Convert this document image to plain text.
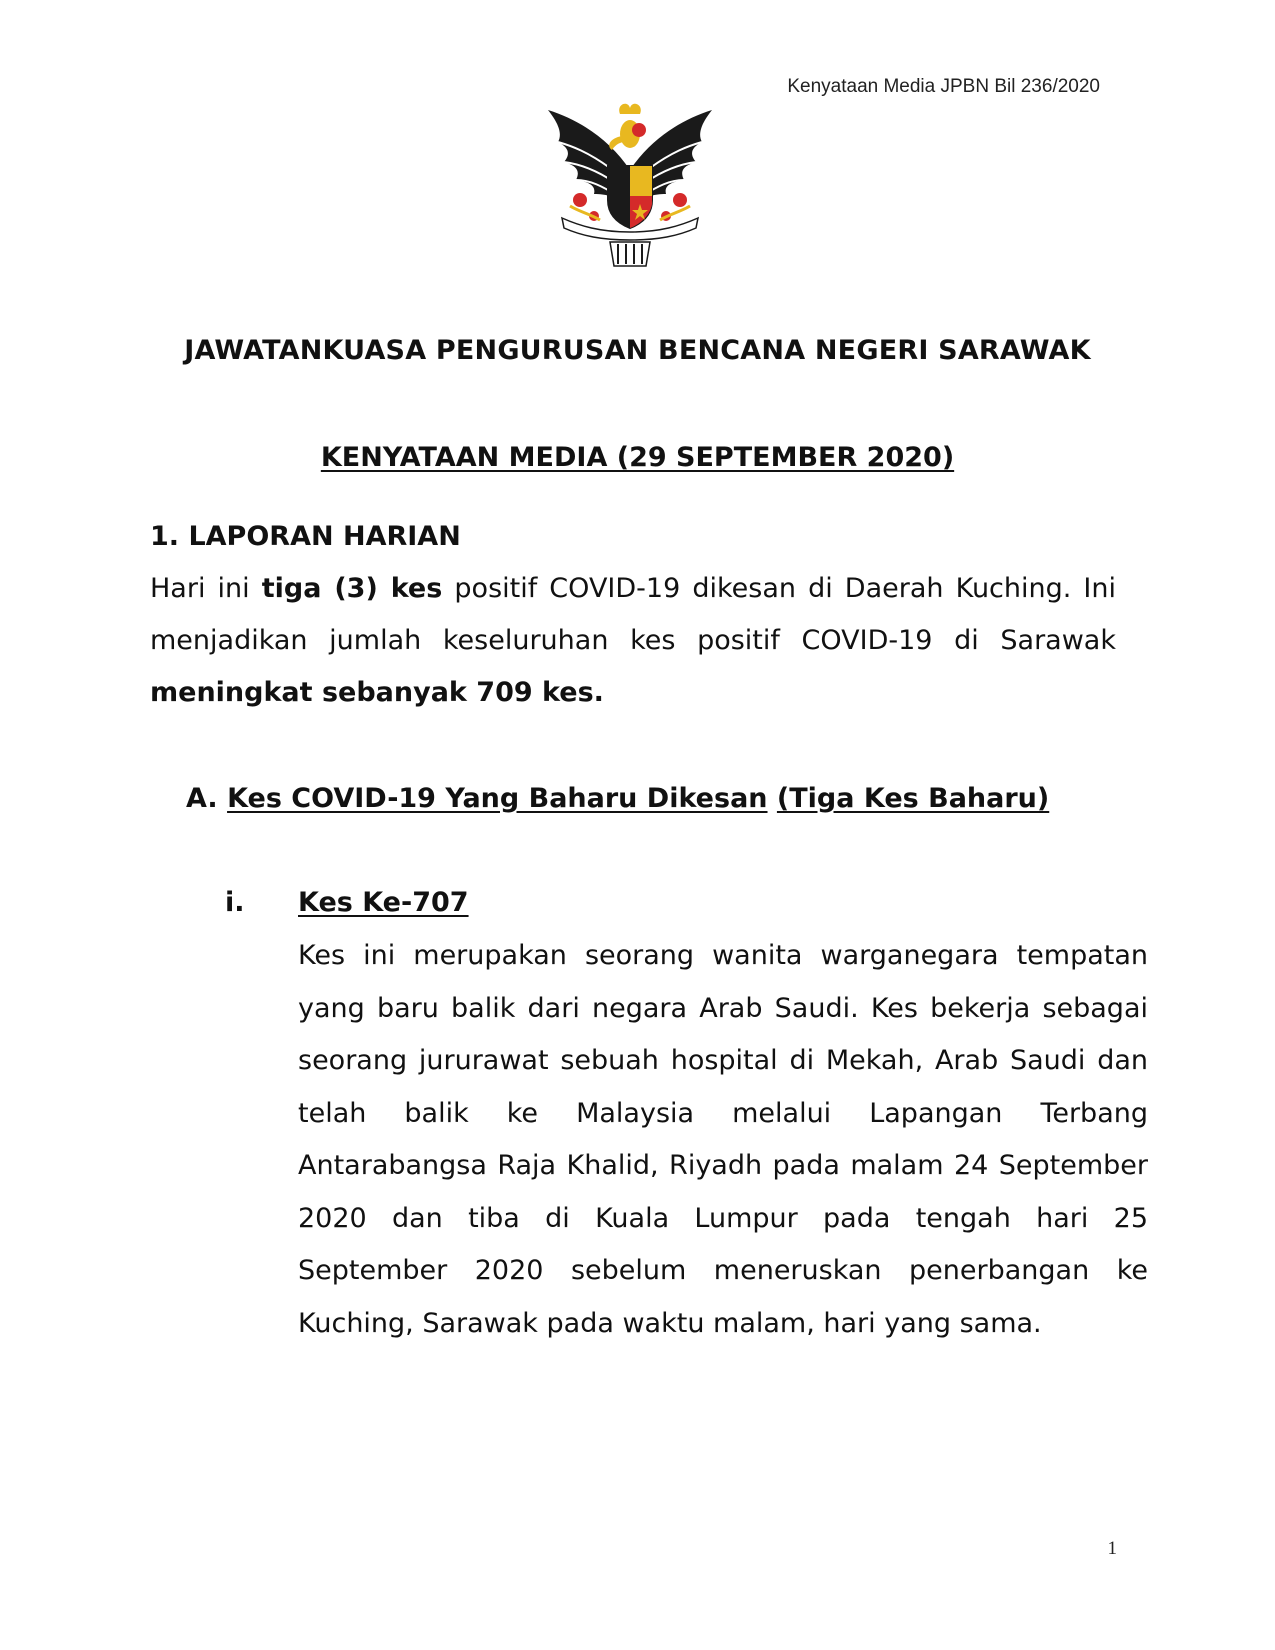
Kenyataan Media JPBN Bil 236/2020
JAWATANKUASA PENGURUSAN BENCANA NEGERI SARAWAK
KENYATAAN MEDIA (29 SEPTEMBER 2020)
1. LAPORAN HARIAN
Hari ini tiga (3) kes positif COVID-19 dikesan di Daerah Kuching. Ini menjadikan jumlah keseluruhan kes positif COVID-19 di Sarawak meningkat sebanyak 709 kes.
A. Kes COVID-19 Yang Baharu Dikesan (Tiga Kes Baharu)
i. Kes Ke-707
Kes ini merupakan seorang wanita warganegara tempatan yang baru balik dari negara Arab Saudi. Kes bekerja sebagai seorang jururawat sebuah hospital di Mekah, Arab Saudi dan telah balik ke Malaysia melalui Lapangan Terbang Antarabangsa Raja Khalid, Riyadh pada malam 24 September 2020 dan tiba di Kuala Lumpur pada tengah hari 25 September 2020 sebelum meneruskan penerbangan ke Kuching, Sarawak pada waktu malam, hari yang sama.
1
